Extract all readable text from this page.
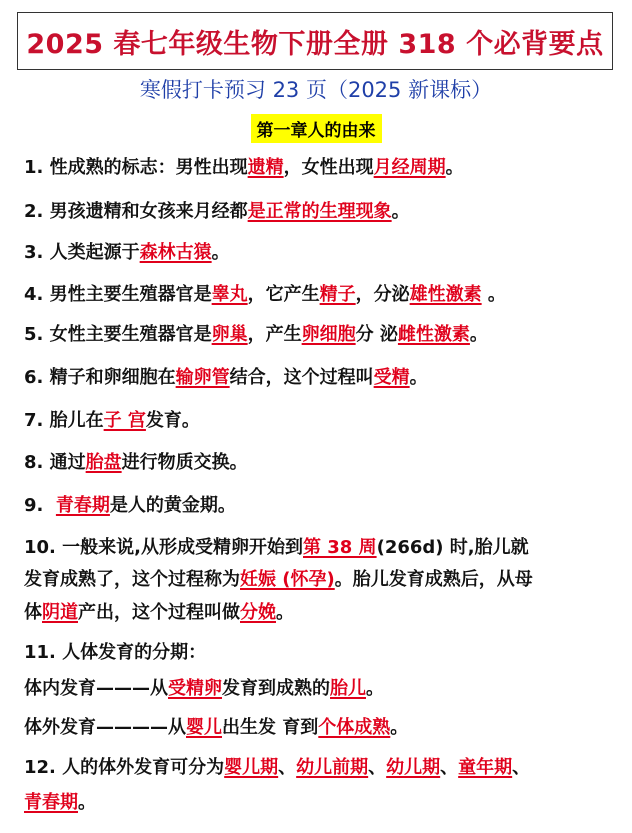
2025 春七年级生物下册全册 318 个必背要点
寒假打卡预习 23 页（2025 新课标）
第一章人的由来
1. 性成熟的标志：男性出现遗精，女性出现月经周期。
2. 男孩遗精和女孩来月经都是正常的生理现象。
3. 人类起源于森林古猿。
4. 男性主要生殖器官是睾丸，它产生精子，分泌雄性激素 。
5. 女性主要生殖器官是卵巢，产生卵细胞分 泌雌性激素。
6. 精子和卵细胞在输卵管结合，这个过程叫受精。
7. 胎儿在子 宫发育。
8. 通过胎盘进行物质交换。
9.  青春期是人的黄金期。
10. 一般来说,从形成受精卵开始到第 38 周(266d) 时,胎儿就
发育成熟了，这个过程称为妊娠 (怀孕)。胎儿发育成熟后，从母
体阴道产出，这个过程叫做分娩。
11. 人体发育的分期：
体内发育———从受精卵发育到成熟的胎儿。
体外发育————从婴儿出生发 育到个体成熟。
12. 人的体外发育可分为婴儿期、幼儿前期、幼儿期、童年期、
青春期。
